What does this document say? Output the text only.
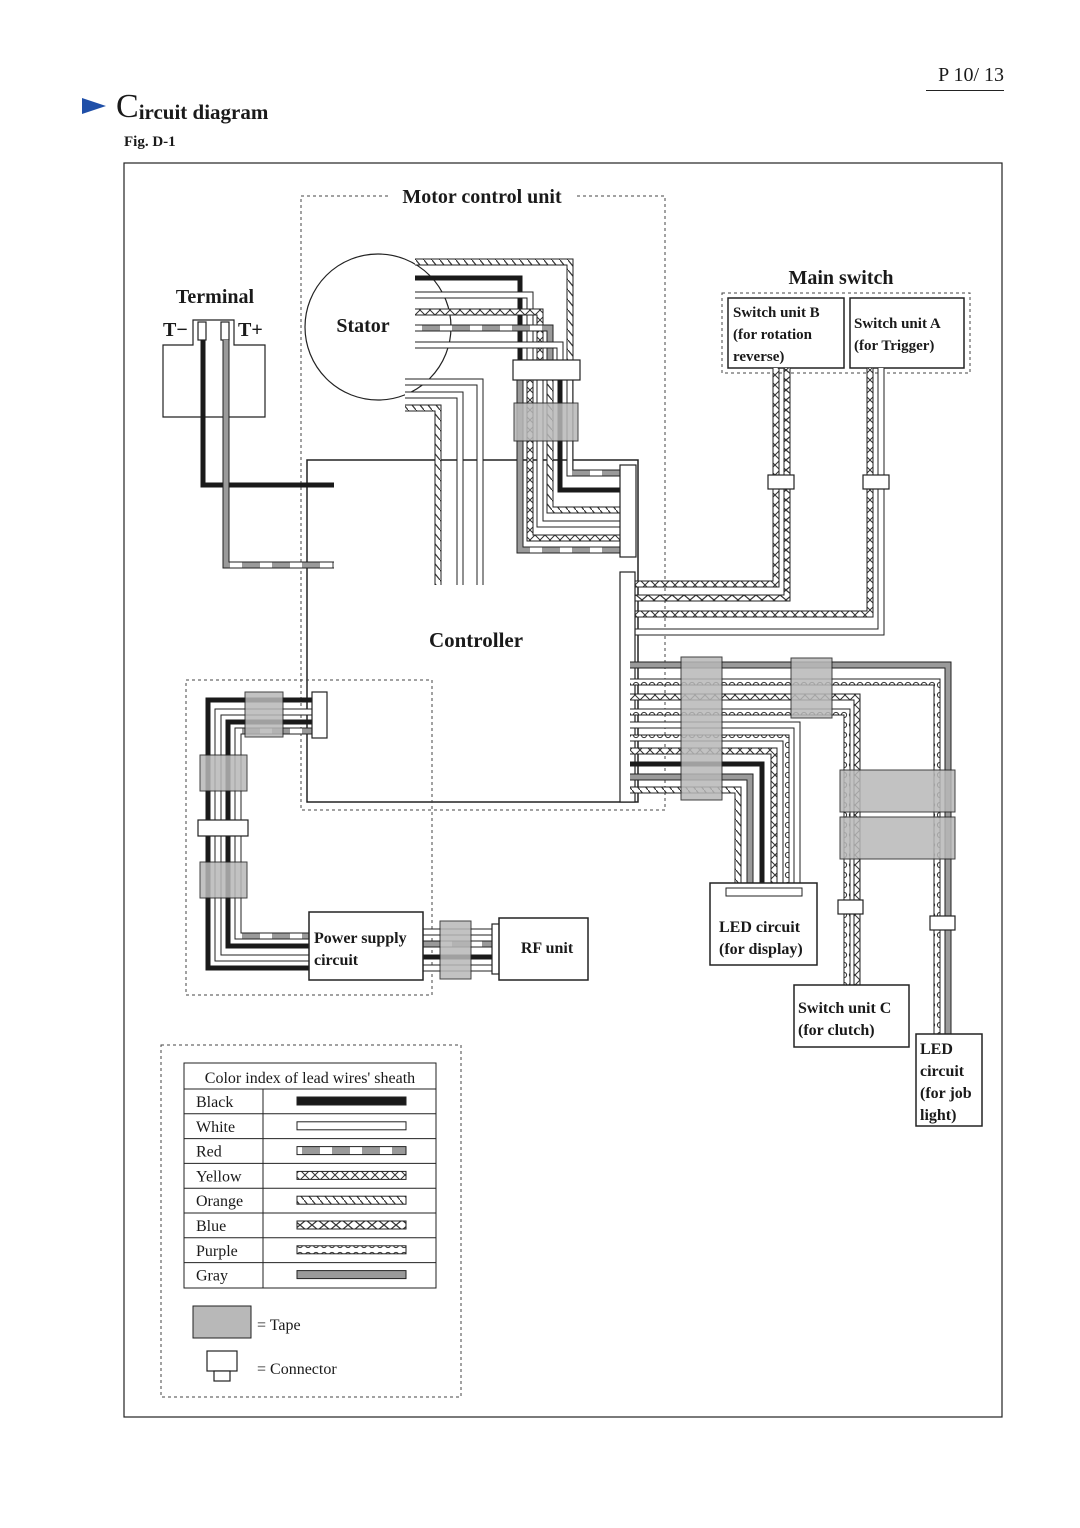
P 10/ 13
C ircuit diagram
Fig. D-1
Motor control unit
Stator
Controller
Terminal
T−	T+
Main switch
Switch unit B
(for rotation
reverse)
Switch unit A
(for Trigger)
LED circuit
(for display)
Switch unit C
(for clutch)
LED
circuit
(for job
light)
Power supply
circuit
RF unit
Color index of lead wires' sheath
Black
White
Red
Yellow
Orange
Blue
Purple
Gray
= Tape
= Connector
